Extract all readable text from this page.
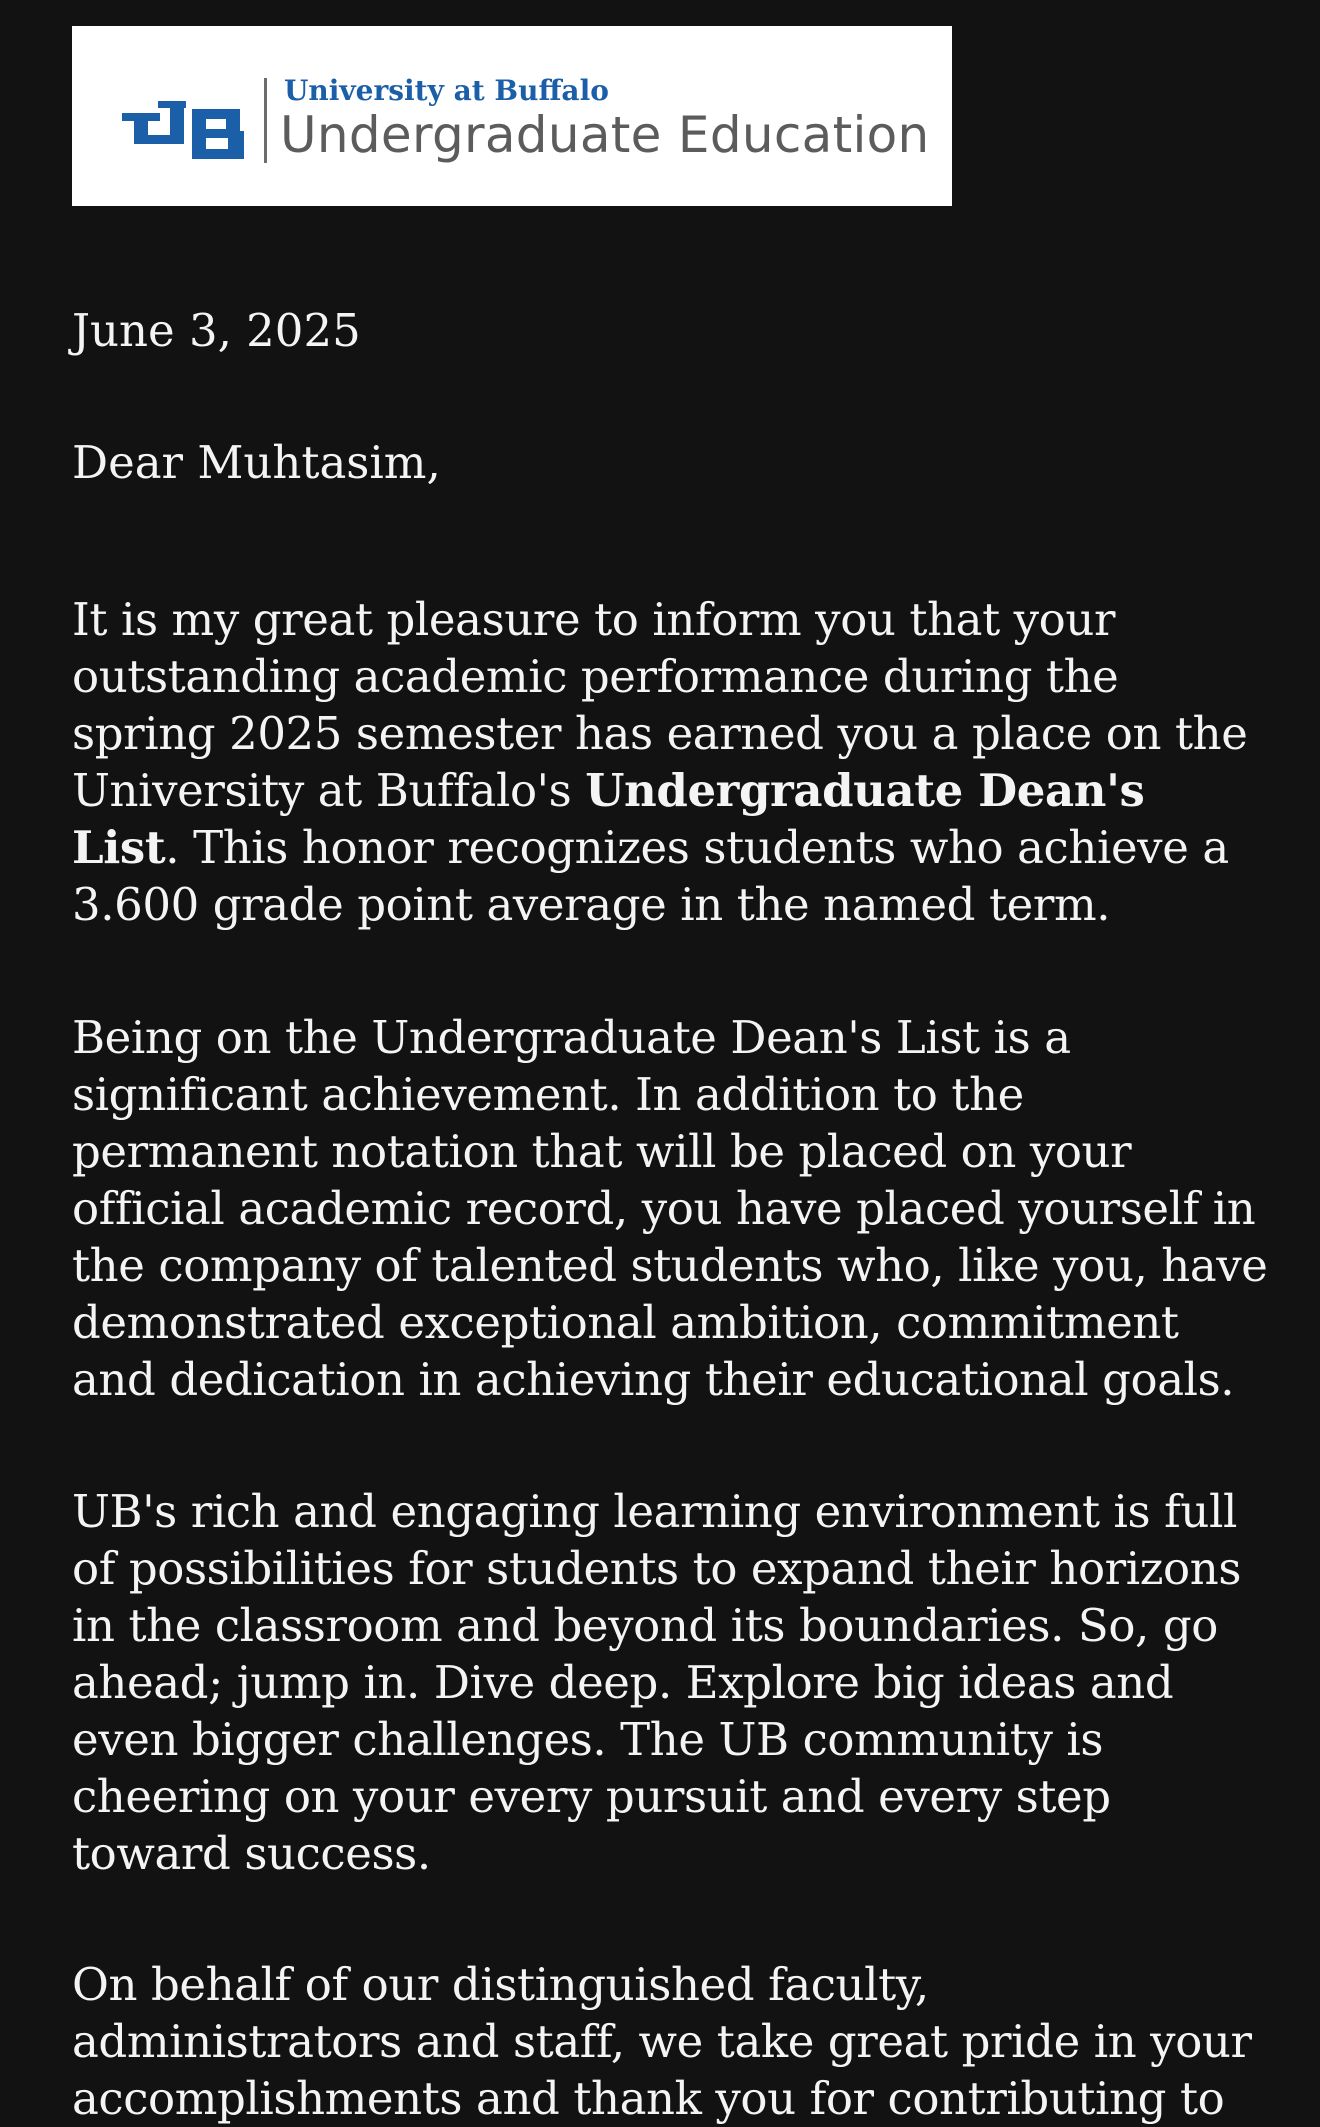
University at Buffalo
Undergraduate Education

June 3, 2025

Dear Muhtasim,

It is my great pleasure to inform you that your
outstanding academic performance during the
spring 2025 semester has earned you a place on the
University at Buffalo's Undergraduate Dean's
List. This honor recognizes students who achieve a
3.600 grade point average in the named term.

Being on the Undergraduate Dean's List is a
significant achievement. In addition to the
permanent notation that will be placed on your
official academic record, you have placed yourself in
the company of talented students who, like you, have
demonstrated exceptional ambition, commitment
and dedication in achieving their educational goals.

UB's rich and engaging learning environment is full
of possibilities for students to expand their horizons
in the classroom and beyond its boundaries. So, go
ahead; jump in. Dive deep. Explore big ideas and
even bigger challenges. The UB community is
cheering on your every pursuit and every step
toward success.

On behalf of our distinguished faculty,
administrators and staff, we take great pride in your
accomplishments and thank you for contributing to
